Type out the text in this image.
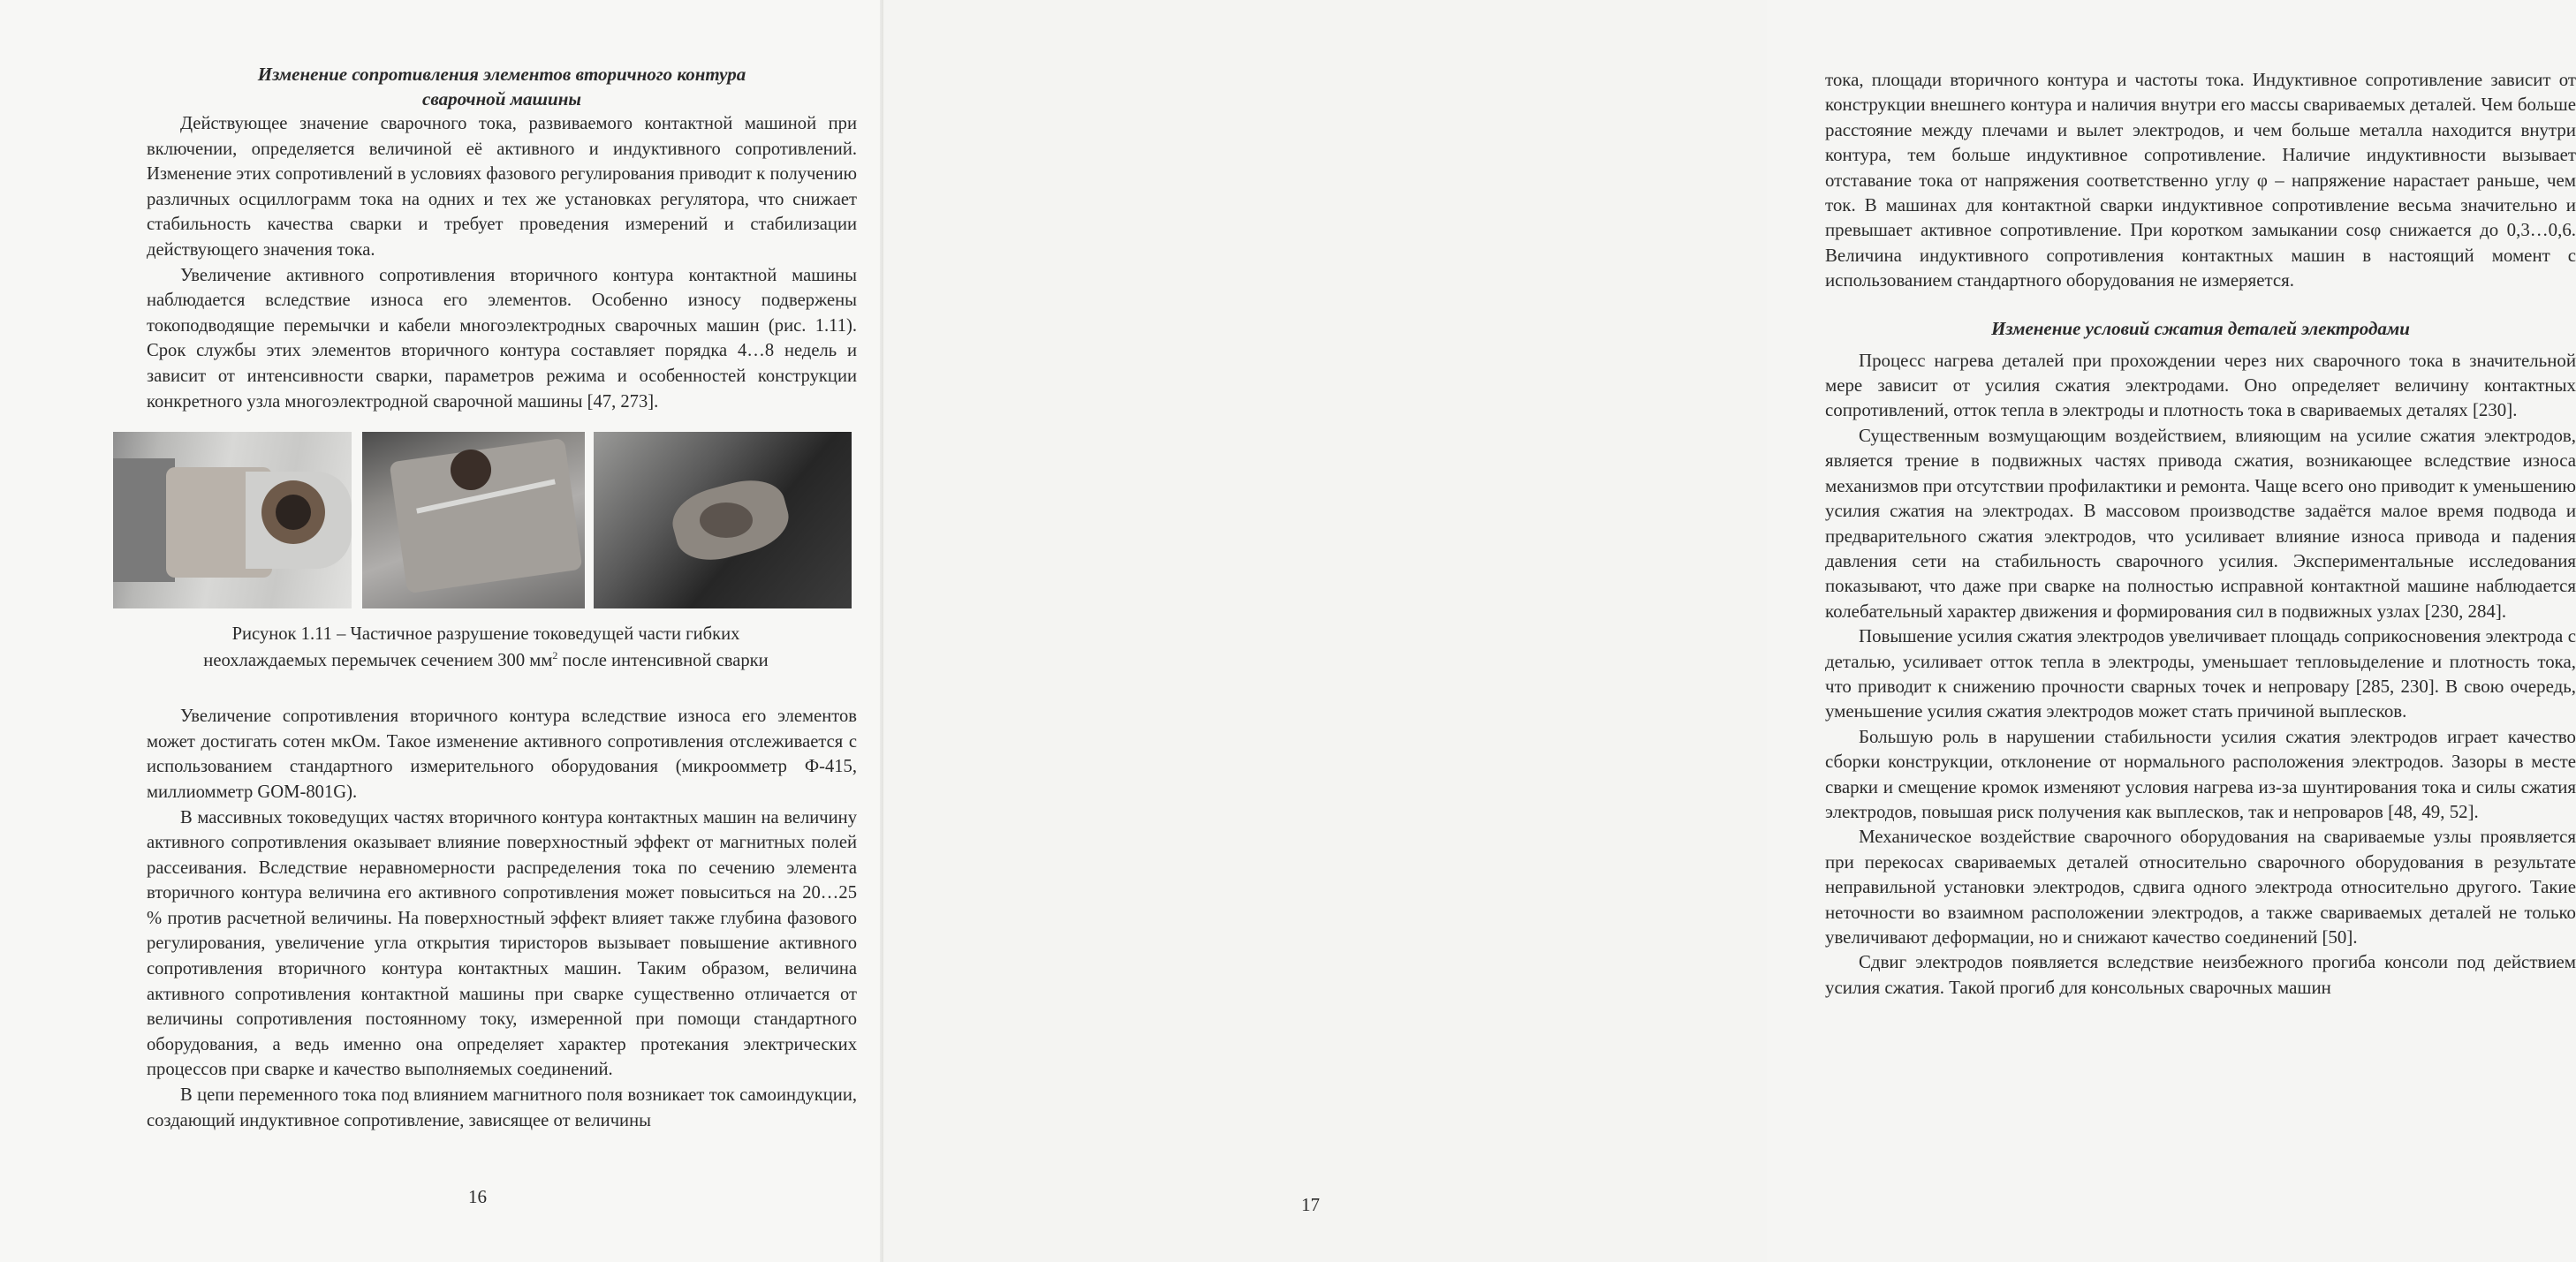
Изменение сопротивления элементов вторичного контура
сварочной машины

Действующее значение сварочного тока, развиваемого контактной машиной при включении, определяется величиной её активного и индуктивного сопротивлений. Изменение этих сопротивлений в условиях фазового регулирования приводит к получению различных осциллограмм тока на одних и тех же установках регулятора, что снижает стабильность качества сварки и требует проведения измерений и стабилизации действующего значения тока.

Увеличение активного сопротивления вторичного контура контактной машины наблюдается вследствие износа его элементов. Особенно износу подвержены токоподводящие перемычки и кабели многоэлектродных сварочных машин (рис. 1.11). Срок службы этих элементов вторичного контура составляет порядка 4…8 недель и зависит от интенсивности сварки, параметров режима и особенностей конструкции конкретного узла многоэлектродной сварочной машины [47, 273].

Рисунок 1.11 – Частичное разрушение токоведущей части гибких
неохлаждаемых перемычек сечением 300 $мм^2$ после интенсивной сварки

Увеличение сопротивления вторичного контура вследствие износа его элементов может достигать сотен мкОм. Такое изменение активного сопротивления отслеживается с использованием стандартного измерительного оборудования (микроомметр Ф-415, миллиомметр GOM-801G).

В массивных токоведущих частях вторичного контура контактных машин на величину активного сопротивления оказывает влияние поверхностный эффект от магнитных полей рассеивания. Вследствие неравномерности распределения тока по сечению элемента вторичного контура величина его активного сопротивления может повыситься на 20…25 % против расчетной величины. На поверхностный эффект влияет также глубина фазового регулирования, увеличение угла открытия тиристоров вызывает повышение активного сопротивления вторичного контура контактных машин. Таким образом, величина активного сопротивления контактной машины при сварке существенно отличается от величины сопротивления постоянному току, измеренной при помощи стандартного оборудования, а ведь именно она определяет характер протекания электрических процессов при сварке и качество выполняемых соединений.

В цепи переменного тока под влиянием магнитного поля возникает ток самоиндукции, создающий индуктивное сопротивление, зависящее от величины

16

тока, площади вторичного контура и частоты тока. Индуктивное сопротивление зависит от конструкции внешнего контура и наличия внутри его массы свариваемых деталей. Чем больше расстояние между плечами и вылет электродов, и чем больше металла находится внутри контура, тем больше индуктивное сопротивление. Наличие индуктивности вызывает отставание тока от напряжения соответственно углу φ – напряжение нарастает раньше, чем ток. В машинах для контактной сварки индуктивное сопротивление весьма значительно и превышает активное сопротивление. При коротком замыкании cosφ снижается до 0,3…0,6. Величина индуктивного сопротивления контактных машин в настоящий момент с использованием стандартного оборудования не измеряется.

Изменение условий сжатия деталей электродами

Процесс нагрева деталей при прохождении через них сварочного тока в значительной мере зависит от усилия сжатия электродами. Оно определяет величину контактных сопротивлений, отток тепла в электроды и плотность тока в свариваемых деталях [230].

Существенным возмущающим воздействием, влияющим на усилие сжатия электродов, является трение в подвижных частях привода сжатия, возникающее вследствие износа механизмов при отсутствии профилактики и ремонта. Чаще всего оно приводит к уменьшению усилия сжатия на электродах. В массовом производстве задаётся малое время подвода и предварительного сжатия электродов, что усиливает влияние износа привода и падения давления сети на стабильность сварочного усилия. Экспериментальные исследования показывают, что даже при сварке на полностью исправной контактной машине наблюдается колебательный характер движения и формирования сил в подвижных узлах [230, 284].

Повышение усилия сжатия электродов увеличивает площадь соприкосновения электрода с деталью, усиливает отток тепла в электроды, уменьшает тепловыделение и плотность тока, что приводит к снижению прочности сварных точек и непровару [285, 230]. В свою очередь, уменьшение усилия сжатия электродов может стать причиной выплесков.

Большую роль в нарушении стабильности усилия сжатия электродов играет качество сборки конструкции, отклонение от нормального расположения электродов. Зазоры в месте сварки и смещение кромок изменяют условия нагрева из-за шунтирования тока и силы сжатия электродов, повышая риск получения как выплесков, так и непроваров [48, 49, 52].

Механическое воздействие сварочного оборудования на свариваемые узлы проявляется при перекосах свариваемых деталей относительно сварочного оборудования в результате неправильной установки электродов, сдвига одного электрода относительно другого. Такие неточности во взаимном расположении электродов, а также свариваемых деталей не только увеличивают деформации, но и снижают качество соединений [50].

Сдвиг электродов появляется вследствие неизбежного прогиба консоли под действием усилия сжатия. Такой прогиб для консольных сварочных машин

17
